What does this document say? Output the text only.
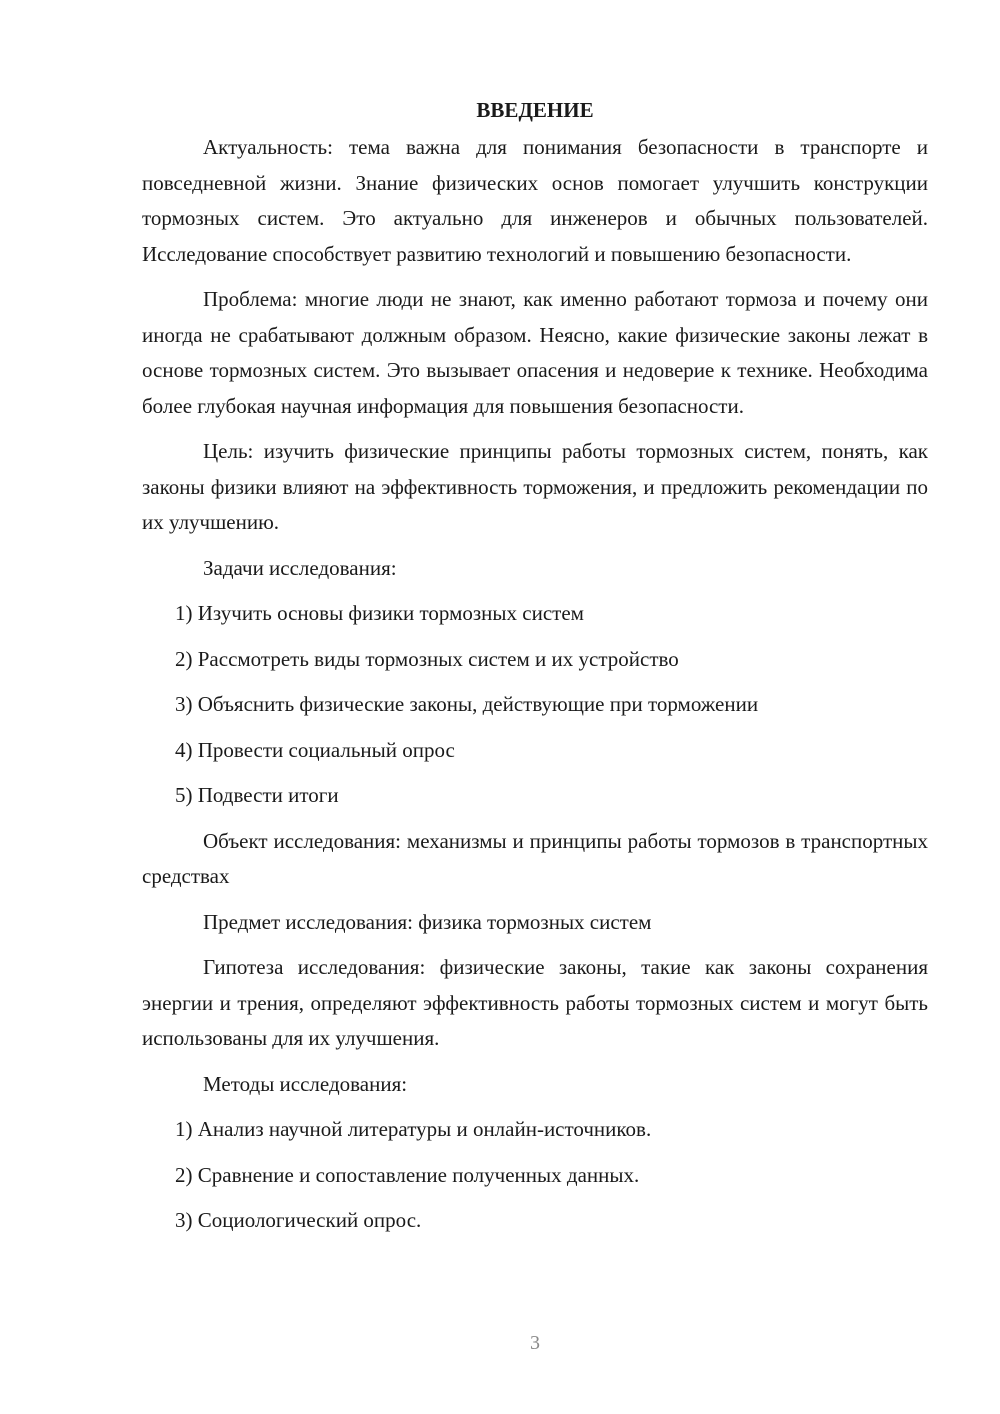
ВВЕДЕНИЕ

Актуальность: тема важна для понимания безопасности в транспорте и повседневной жизни. Знание физических основ помогает улучшить конструкции тормозных систем. Это актуально для инженеров и обычных пользователей. Исследование способствует развитию технологий и повышению безопасности.

Проблема: многие люди не знают, как именно работают тормоза и почему они иногда не срабатывают должным образом. Неясно, какие физические законы лежат в основе тормозных систем. Это вызывает опасения и недоверие к технике. Необходима более глубокая научная информация для повышения безопасности.

Цель: изучить физические принципы работы тормозных систем, понять, как законы физики влияют на эффективность торможения, и предложить рекомендации по их улучшению.

Задачи исследования:

1) Изучить основы физики тормозных систем
2) Рассмотреть виды тормозных систем и их устройство
3) Объяснить физические законы, действующие при торможении
4) Провести социальный опрос
5) Подвести итоги

Объект исследования: механизмы и принципы работы тормозов в транспортных средствах

Предмет исследования: физика тормозных систем

Гипотеза исследования: физические законы, такие как законы сохранения энергии и трения, определяют эффективность работы тормозных систем и могут быть использованы для их улучшения.

Методы исследования:

1) Анализ научной литературы и онлайн-источников.
2) Сравнение и сопоставление полученных данных.
3) Социологический опрос.
3
